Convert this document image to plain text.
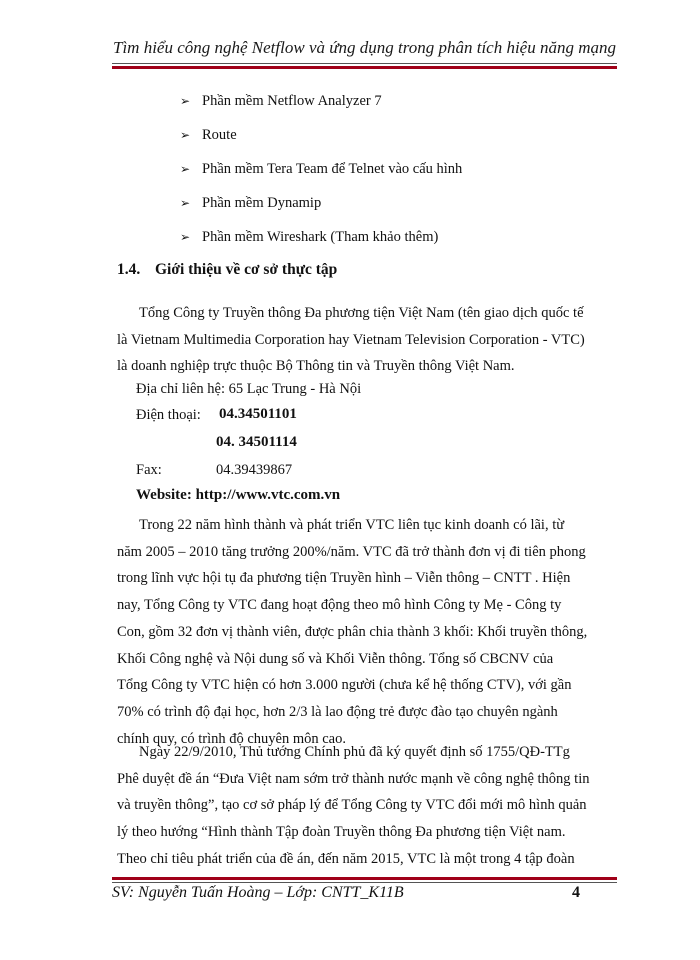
Tìm hiểu công nghệ Netflow và ứng dụng trong phân tích hiệu năng mạng
➢ Phần mềm Netflow Analyzer 7
➢ Route
➢ Phần mềm Tera Team để Telnet vào cấu hình
➢ Phần mềm Dynamip
➢ Phần mềm Wireshark (Tham khảo thêm)
1.4. Giới thiệu về cơ sở thực tập
Tổng Công ty Truyền thông Đa phương tiện Việt Nam (tên giao dịch quốc tế
là Vietnam Multimedia Corporation hay Vietnam Television Corporation - VTC)
là doanh nghiệp trực thuộc Bộ Thông tin và Truyền thông Việt Nam.
Địa chỉ liên hệ: 65 Lạc Trung - Hà Nội
Điện thoại: 04.34501101
04. 34501114
Fax:	04.39439867
Website: http://www.vtc.com.vn
Trong 22 năm hình thành và phát triển VTC liên tục kinh doanh có lãi, từ
năm 2005 – 2010 tăng trưởng 200%/năm. VTC đã trở thành đơn vị đi tiên phong
trong lĩnh vực hội tụ đa phương tiện Truyền hình – Viễn thông – CNTT . Hiện
nay, Tổng Công ty VTC đang hoạt động theo mô hình Công ty Mẹ - Công ty
Con, gồm 32 đơn vị thành viên, được phân chia thành 3 khối: Khối truyền thông,
Khối Công nghệ và Nội dung số và Khối Viễn thông. Tổng số CBCNV của
Tổng Công ty VTC hiện có hơn 3.000 người (chưa kể hệ thống CTV), với gần
70% có trình độ đại học, hơn 2/3 là lao động trẻ được đào tạo chuyên ngành
chính quy, có trình độ chuyên môn cao.
Ngày 22/9/2010, Thủ tướng Chính phủ đã ký quyết định số 1755/QĐ-TTg
Phê duyệt đề án “Đưa Việt nam sớm trở thành nước mạnh về công nghệ thông tin
và truyền thông”, tạo cơ sở pháp lý để Tổng Công ty VTC đổi mới mô hình quản
lý theo hướng “Hình thành Tập đoàn Truyền thông Đa phương tiện Việt nam.
Theo chỉ tiêu phát triển của đề án, đến năm 2015, VTC là một trong 4 tập đoàn
SV: Nguyễn Tuấn Hoàng – Lớp: CNTT_K11B	4
